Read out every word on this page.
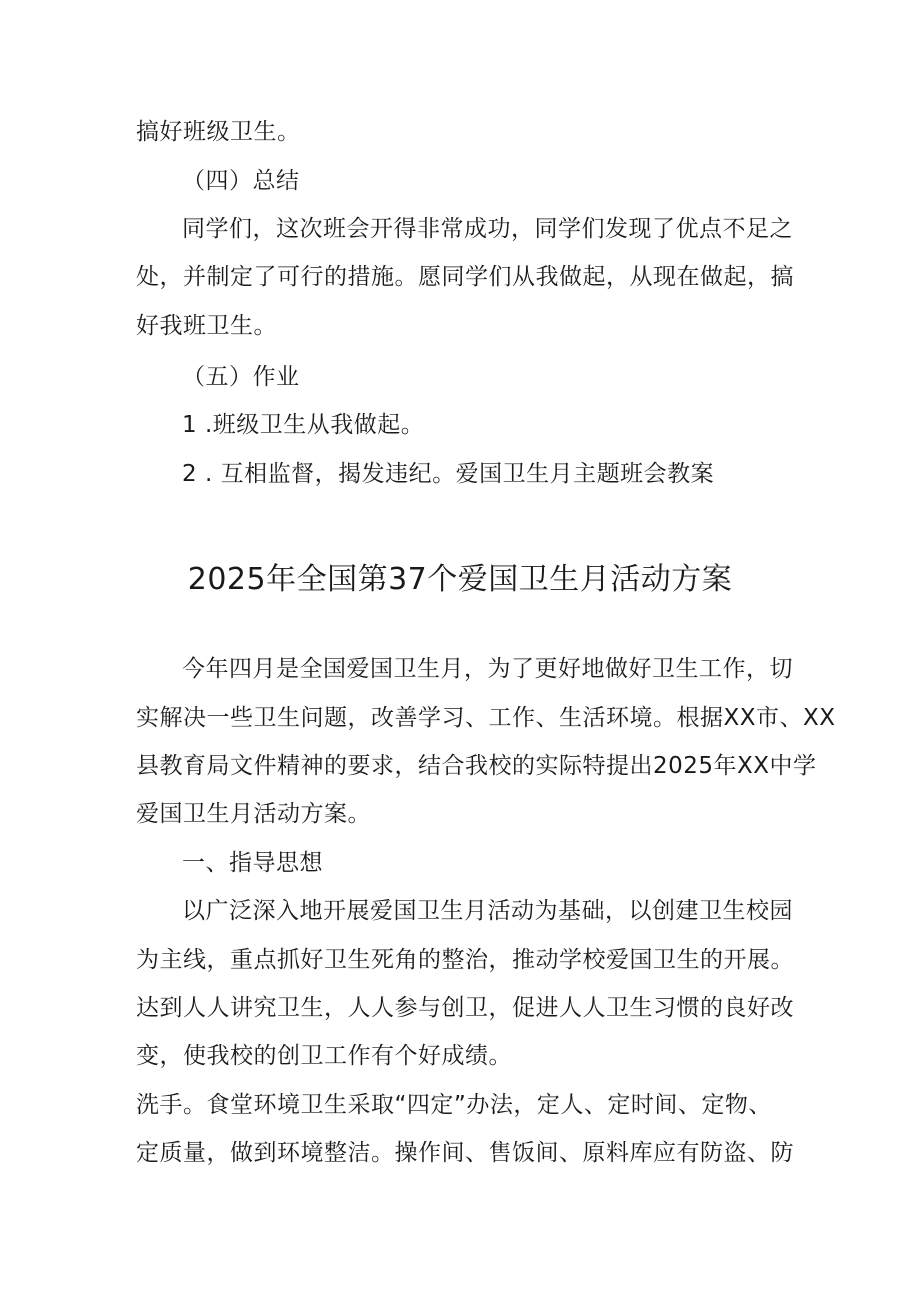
搞好班级卫生。
（四）总结
同学们，这次班会开得非常成功，同学们发现了优点不足之
处，并制定了可行的措施。愿同学们从我做起，从现在做起，搞
好我班卫生。
（五）作业
1 .班级卫生从我做起。
2 . 互相监督，揭发违纪。爱国卫生月主题班会教案
2025年全国第37个爱国卫生月活动方案
今年四月是全国爱国卫生月，为了更好地做好卫生工作，切
实解决一些卫生问题，改善学习、工作、生活环境。根据XX市、XX
县教育局文件精神的要求，结合我校的实际特提出2025年XX中学
爱国卫生月活动方案。
一、指导思想
以广泛深入地开展爱国卫生月活动为基础，以创建卫生校园
为主线，重点抓好卫生死角的整治，推动学校爱国卫生的开展。
达到人人讲究卫生，人人参与创卫，促进人人卫生习惯的良好改
变，使我校的创卫工作有个好成绩。
洗手。食堂环境卫生采取“四定”办法，定人、定时间、定物、
定质量，做到环境整洁。操作间、售饭间、原料库应有防盗、防
